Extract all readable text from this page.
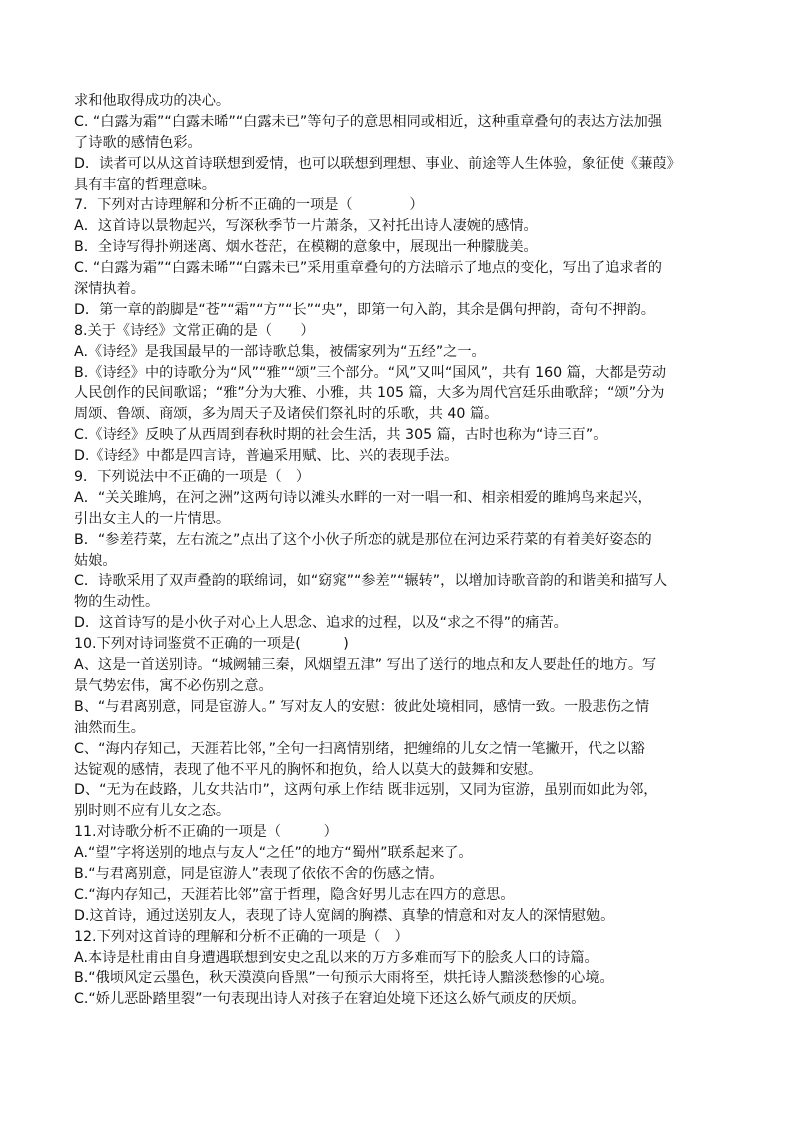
求和他取得成功的决心。
C. “白露为霜”“白露未晞”“白露未已”等句子的意思相同或相近，这种重章叠句的表达方法加强
了诗歌的感情色彩。
D．读者可以从这首诗联想到爱情，也可以联想到理想、事业、前途等人生体验，象征使《蒹葭》
具有丰富的哲理意味。
7．下列对古诗理解和分析不正确的一项是（　　　　）
A．这首诗以景物起兴，写深秋季节一片萧条，又衬托出诗人凄婉的感情。
B．全诗写得扑朔迷离、烟水苍茫，在模糊的意象中，展现出一种朦胧美。
C. “白露为霜”“白露未晞”“白露未已”采用重章叠句的方法暗示了地点的变化，写出了追求者的
深情执着。
D．第一章的韵脚是“苍”“霜”“方”“长”“央”，即第一句入韵，其余是偶句押韵，奇句不押韵。
8.关于《诗经》文常正确的是（　　）
A.《诗经》是我国最早的一部诗歌总集，被儒家列为“五经”之一。
B.《诗经》中的诗歌分为“风”“雅”“颂”三个部分。“风”又叫“国风”，共有 160 篇，大都是劳动
人民创作的民间歌谣；“雅”分为大雅、小雅，共 105 篇，大多为周代宫廷乐曲歌辞；“颂”分为
周颂、鲁颂、商颂，多为周天子及诸侯们祭礼时的乐歌，共 40 篇。
C.《诗经》反映了从西周到春秋时期的社会生活，共 305 篇，古时也称为“诗三百”。
D.《诗经》中都是四言诗，普遍采用赋、比、兴的表现手法。
9．下列说法中不正确的一项是（　）
A．“关关雎鸠，在河之洲”这两句诗以滩头水畔的一对一唱一和、相亲相爱的雎鸠鸟来起兴，
引出女主人的一片情思。
B．“参差荇菜，左右流之”点出了这个小伙子所恋的就是那位在河边采荇菜的有着美好姿态的
姑娘。
C．诗歌采用了双声叠韵的联绵词，如“窈窕”“参差”“辗转”，以增加诗歌音韵的和谐美和描写人
物的生动性。
D．这首诗写的是小伙子对心上人思念、追求的过程，以及“求之不得”的痛苦。
10.下列对诗词鉴赏不正确的一项是(　　　)
A、这是一首送别诗。“城阙辅三秦，风烟望五津” 写出了送行的地点和友人要赴任的地方。写
景气势宏伟，寓不必伤别之意。
B、“与君离别意，同是宦游人。” 写对友人的安慰：彼此处境相同，感情一致。一股悲伤之情
油然而生。
C、“海内存知己，天涯若比邻，”全句一扫离情别绪，把缠绵的儿女之情一笔撇开，代之以豁
达锭观的感情，表现了他不平凡的胸怀和抱负，给人以莫大的鼓舞和安慰。
D、“无为在歧路，儿女共沾巾”，这两句承上作结 既非远别，又同为宦游，虽别而如此为邻，
别时则不应有儿女之态。
11.对诗歌分析不正确的一项是（　　　）
A.“望”字将送别的地点与友人“之任”的地方“蜀州”联系起来了。
B.“与君离别意，同是宦游人”表现了依依不舍的伤感之情。
C.“海内存知己，天涯若比邻”富于哲理，隐含好男儿志在四方的意思。
D.这首诗，通过送别友人，表现了诗人宽阔的胸襟、真挚的情意和对友人的深情慰勉。
12.下列对这首诗的理解和分析不正确的一项是（　）
A.本诗是杜甫由自身遭遇联想到安史之乱以来的万方多难而写下的脍炙人口的诗篇。
B.“俄顷风定云墨色，秋天漠漠向昏黑”一句预示大雨将至，烘托诗人黯淡愁惨的心境。
C.“娇儿恶卧踏里裂”一句表现出诗人对孩子在窘迫处境下还这么娇气顽皮的厌烦。
